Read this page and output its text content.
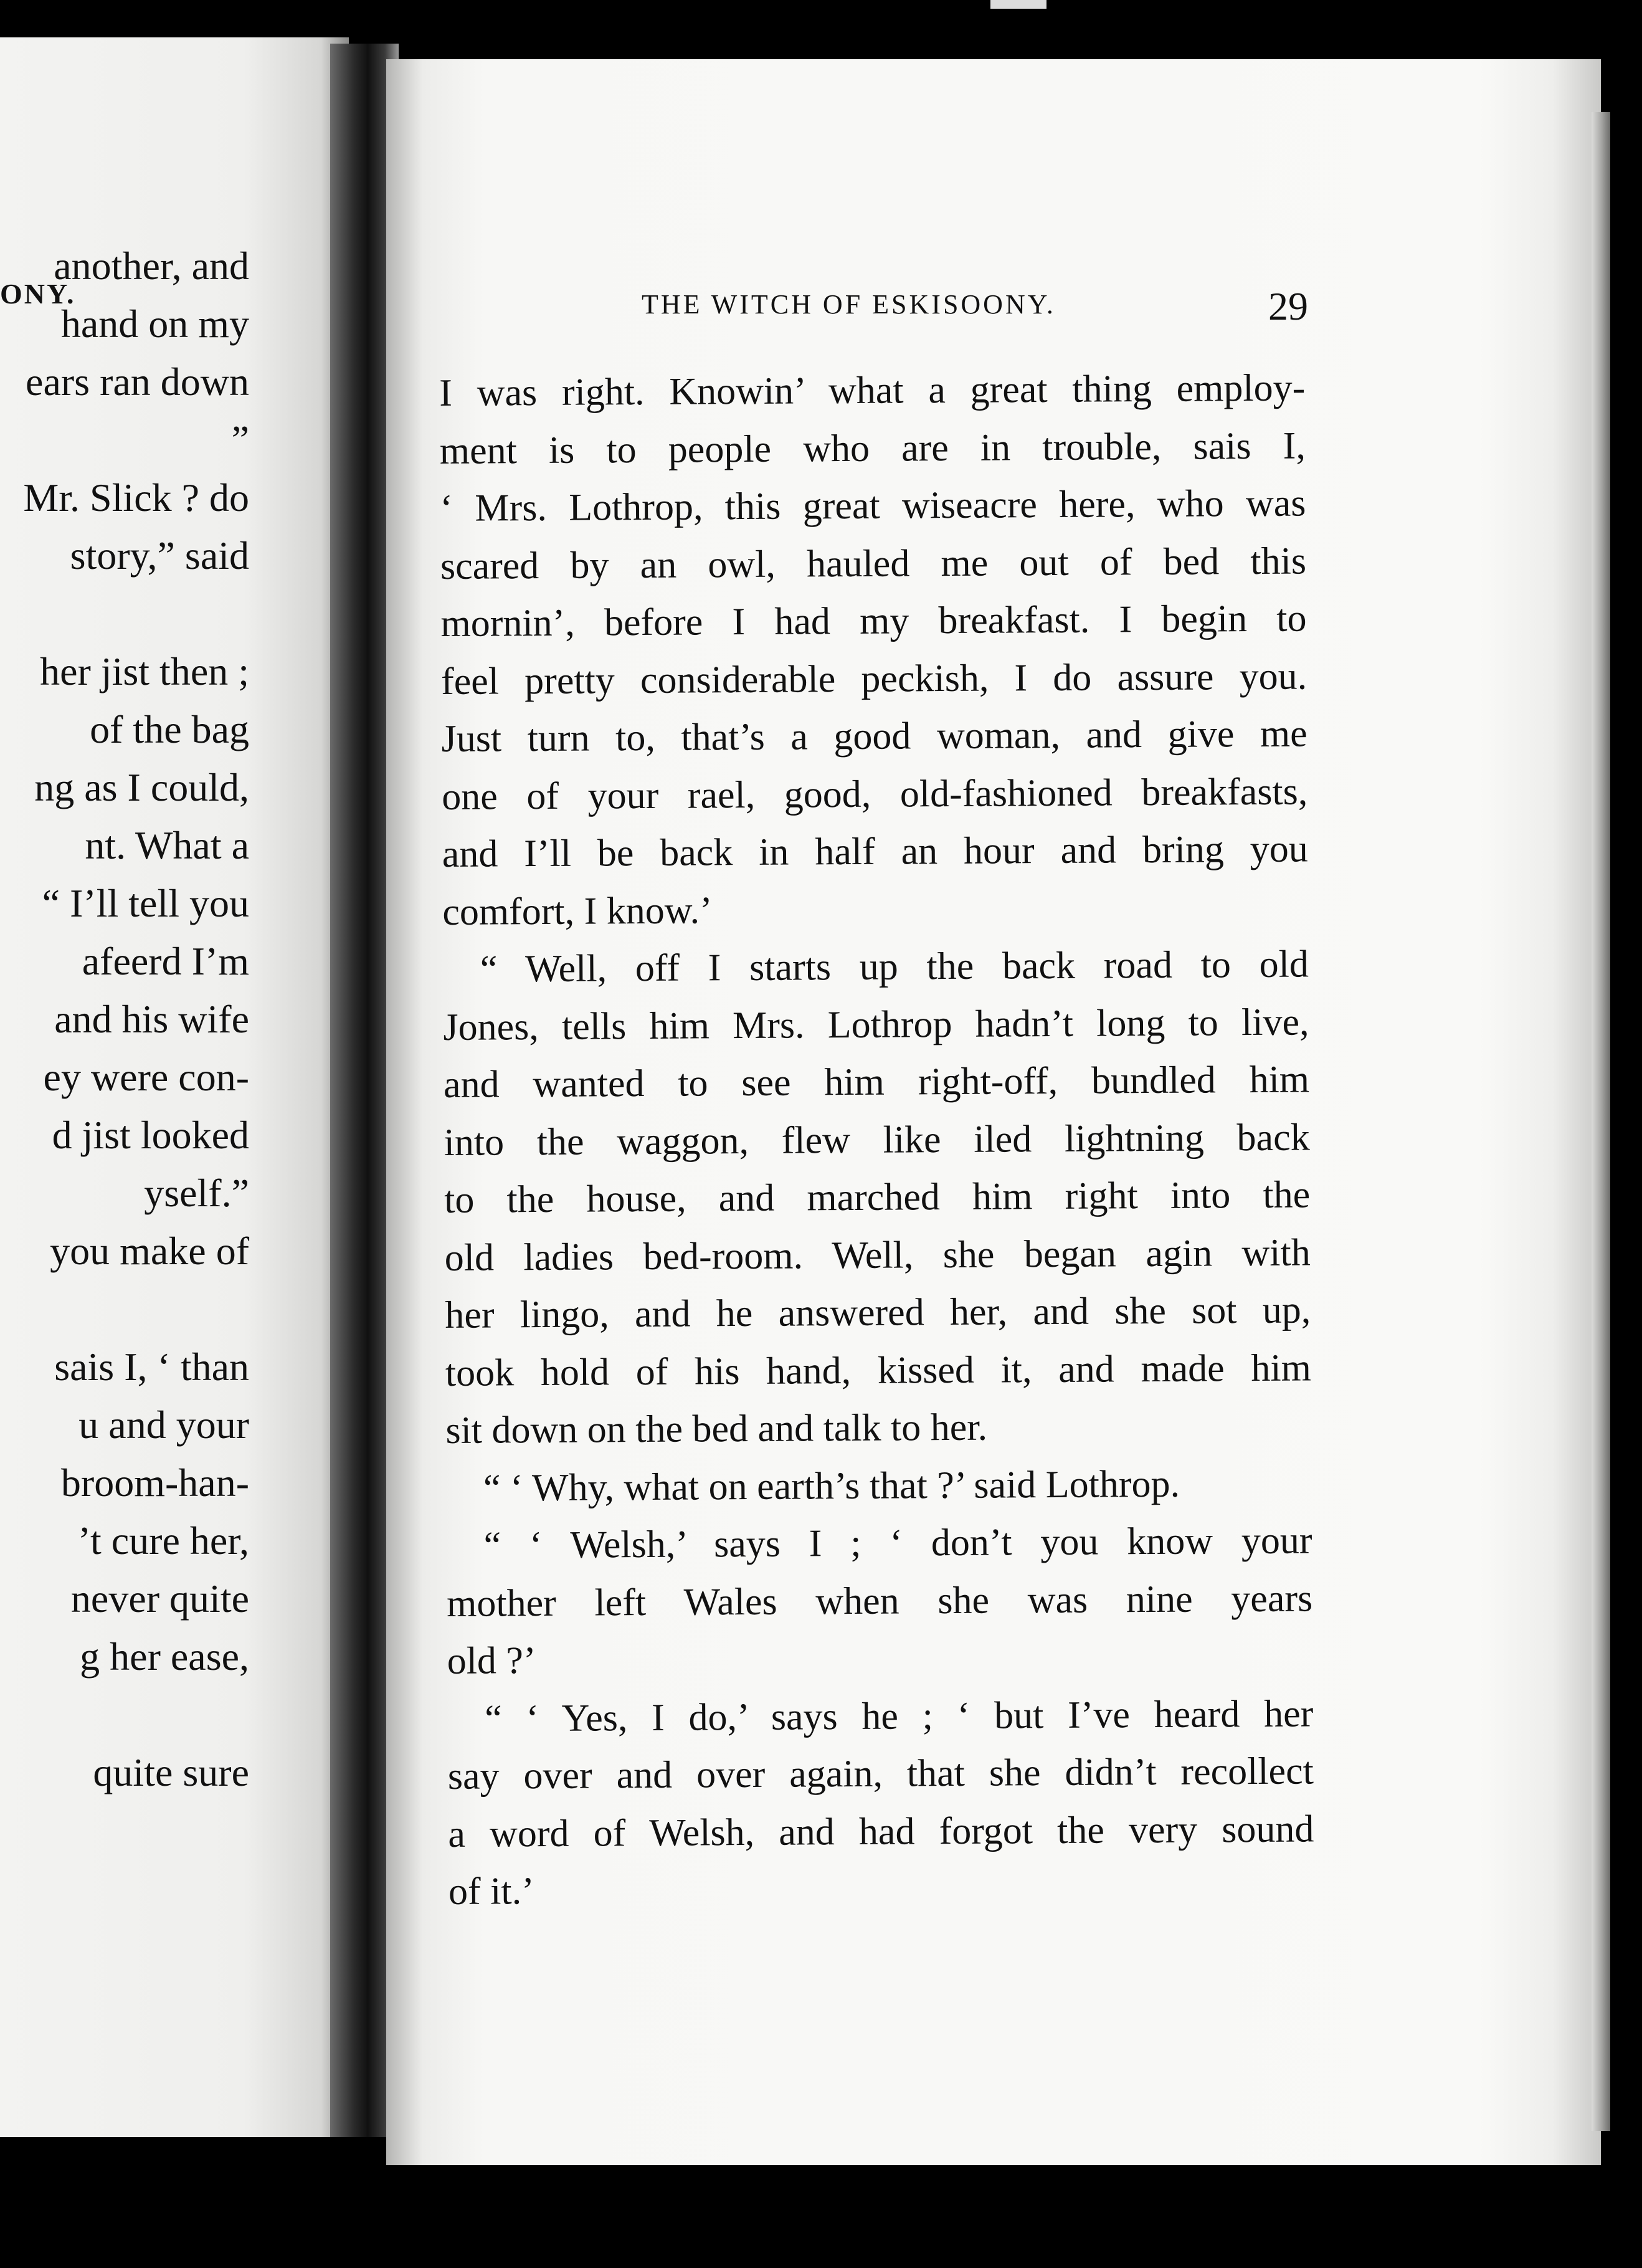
ONY.
another, and
hand on my
ears ran down
”
Mr. Slick ? do
story,” said
her jist then ;
of the bag
ng as I could,
nt. What a
“ I’ll tell you
afeerd I’m
and his wife
ey were con-
d jist looked
yself.”
you make of
sais I, ‘ than
u and your
broom-han-
’t cure her,
never quite
g her ease,
quite sure
THE WITCH OF ESKISOONY.	29
I was right. Knowin’ what a great thing employ-
ment is to people who are in trouble, sais I,
‘ Mrs. Lothrop, this great wiseacre here, who was
scared by an owl, hauled me out of bed this
mornin’, before I had my breakfast. I begin to
feel pretty considerable peckish, I do assure you.
Just turn to, that’s a good woman, and give me
one of your rael, good, old-fashioned breakfasts,
and I’ll be back in half an hour and bring you
comfort, I know.’
“ Well, off I starts up the back road to old
Jones, tells him Mrs. Lothrop hadn’t long to live,
and wanted to see him right-off, bundled him
into the waggon, flew like iled lightning back
to the house, and marched him right into the
old ladies bed-room. Well, she began agin with
her lingo, and he answered her, and she sot up,
took hold of his hand, kissed it, and made him
sit down on the bed and talk to her.
“ ‘ Why, what on earth’s that ?’ said Lothrop.
“ ‘ Welsh,’ says I ; ‘ don’t you know your
mother left Wales when she was nine years
old ?’
“ ‘ Yes, I do,’ says he ; ‘ but I’ve heard her
say over and over again, that she didn’t recollect
a word of Welsh, and had forgot the very sound
of it.’
